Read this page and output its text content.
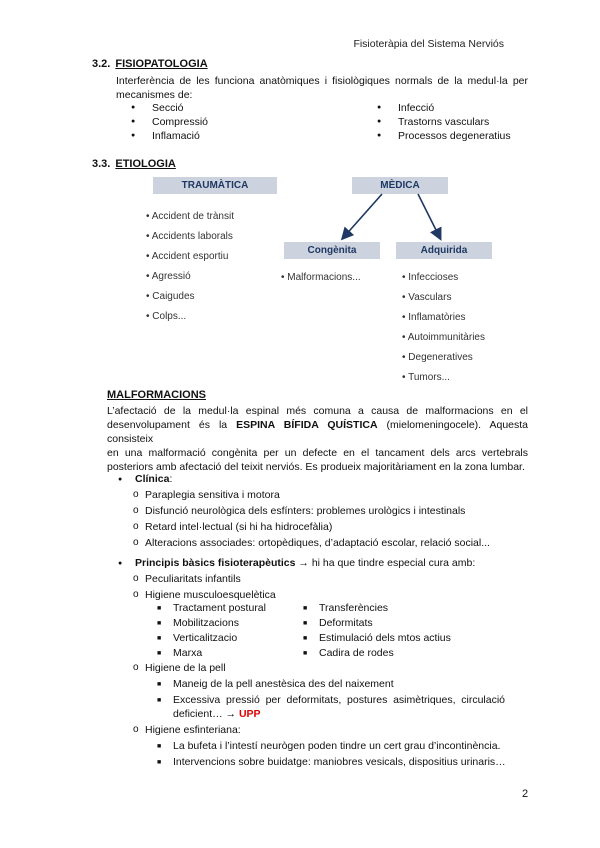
Fisioteràpia del Sistema Nerviós
3.2. FISIOPATOLOGIA
Interferència de les funciona anatòmiques i fisiològiques normals de la medul·la per
mecanismes de:
● Secció
● Compressió
● Inflamació
● Infecció
● Trastorns vasculars
● Processos degeneratius
3.3. ETIOLOGIA
TRAUMÀTICA	MÈDICA
Congènita	Adquirida
• Accident de trànsit
• Accidents laborals
• Accident esportiu
• Agressió
• Caigudes
• Colps...
• Malformacions...	• Infeccioses
• Vasculars
• Inflamatòries
• Autoimmunitàries
• Degeneratives
• Tumors...
MALFORMACIONS
L’afectació de la medul·la espinal més comuna a causa de malformacions en el
desenvolupament és la ESPINA BÍFIDA QUÍSTICA (mielomeningocele). Aquesta consisteix
en una malformació congènita per un defecte en el tancament dels arcs vertebrals
posteriors amb afectació del teixit nerviós. Es produeix majoritàriament en la zona lumbar.
● Clínica:
o Paraplegia sensitiva i motora
o Disfunció neurològica dels esfínters: problemes urològics i intestinals
o Retard intel·lectual (si hi ha hidrocefàlia)
o Alteracions associades: ortopèdiques, d’adaptació escolar, relació social...
● Principis bàsics fisioterapèutics → hi ha que tindre especial cura amb:
o Peculiaritats infantils
o Higiene musculoesquelètica
■ Tractament postural
■ Mobilitzacions
■ Verticalitzacio
■ Marxa
■ Transferències
■ Deformitats
■ Estimulació dels mtos actius
■ Cadira de rodes
o Higiene de la pell
■ Maneig de la pell anestèsica des del naixement
■ Excessiva pressió per deformitats, postures asimètriques, circulació
deficient… → UPP
o Higiene esfinteriana:
■ La bufeta i l’intestí neurògen poden tindre un cert grau d’incontinència.
■ Intervencions sobre buidatge: maniobres vesicals, dispositius urinaris…
2
